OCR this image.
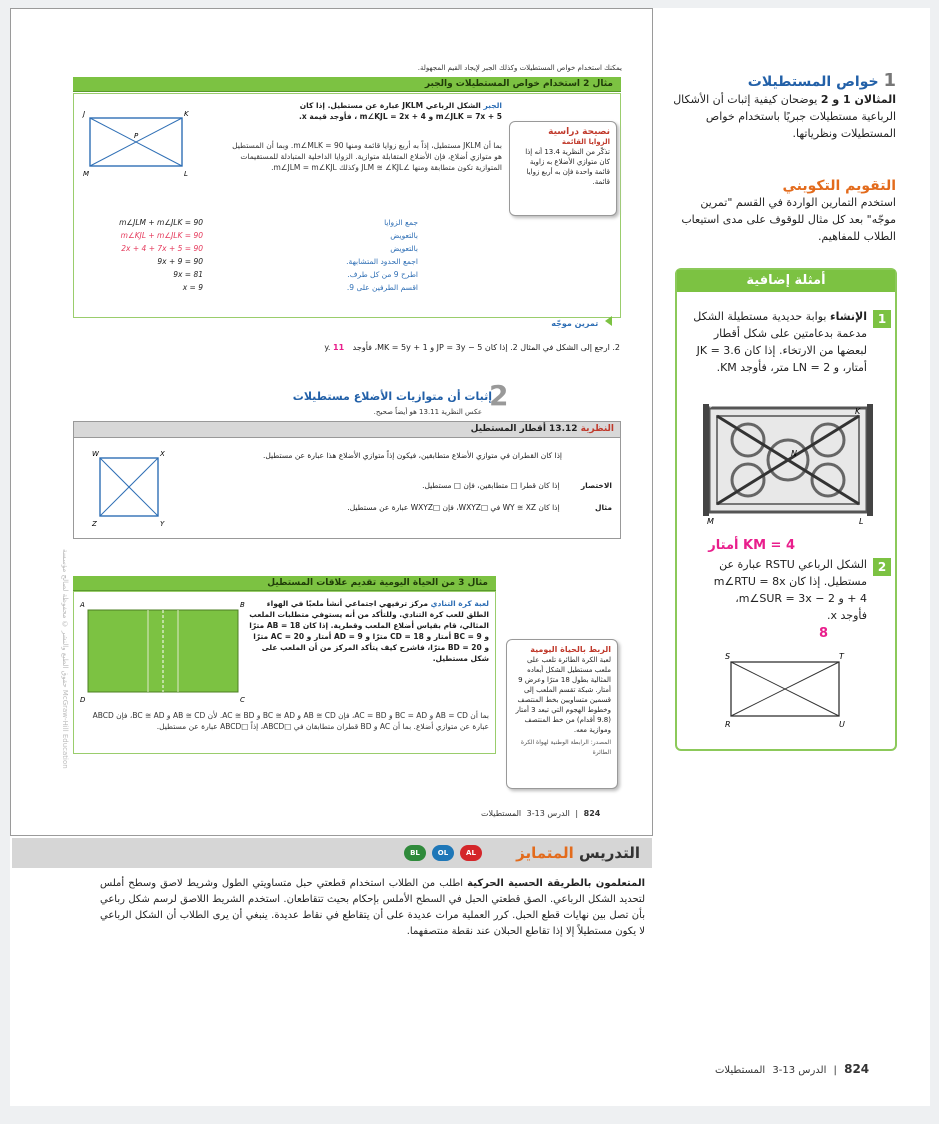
يمكنك استخدام خواص المستطيلات وكذلك الجبر لإيجاد القيم المجهولة.
مثال 2 استخدام خواص المستطيلات والجبر
J	K
M	L
P
الجبر الشكل الرباعي JKLM عبارة عن مستطيل. إذا كان m∠JLK = 7x + 5 و m∠KJL = 2x + 4 ، فأوجد قيمة x.
بما أن JKLM مستطيل، إذاً به أربع زوايا قائمة ومنها m∠MLK = 90. وبما أن المستطيل هو متوازي أضلاع، فإن الأضلاع المتقابلة متوازية. الزوايا الداخلية المتبادلة للمستقيمات المتوازية تكون متطابقة ومنها ∠JLM ≅ ∠KJL وكذلك m∠JLM = m∠KJL.
m∠JLM + m∠JLK = 90	جمع الزوايا
m∠KJL + m∠JLK = 90	بالتعويض
2x + 4 + 7x + 5 = 90	بالتعويض
9x + 9 = 90	اجمع الحدود المتشابهة.
9x = 81	اطرح 9 من كل طرف.
x = 9	اقسم الطرفين على 9.
تمرين موجّه
نصيحة دراسية
الزوايا القائمة
تذكّر من النظرية 13.4 أنه إذا كان متوازي الأضلاع به زاوية قائمة واحدة فإن به أربع زوايا قائمة.
2. ارجع إلى الشكل في المثال 2. إذا كان JP = 3y − 5 و MK = 5y + 1، فأوجد y. 11
2
إثبات أن متوازيات الأضلاع مستطيلات
عكس النظرية 13.11 هو أيضاً صحيح.
النظرية 13.12 أقطار المستطيل
W	X
Z	Y
إذا كان القطران في متوازي الأضلاع متطابقين، فيكون إذاً متوازي الأضلاع هذا عبارة عن مستطيل.
الاختصار إذا كان قطرا □ متطابقين، فإن □ مستطيل.
مثال إذا كان WY ≅ XZ في □WXYZ، فإن □WXYZ عبارة عن مستطيل.
مثال 3 من الحياة اليومية تقديم علاقات المستطيل
A	B
D	C
لعبة كرة التنادي مركز ترفيهي اجتماعي أنشأ ملعبًا في الهواء الطلق للعب كرة التنادي. وللتأكد من أنه يستوفي متطلبات الملعب المثالي، قام بقياس أضلاع الملعب وقطرية. إذا كان AB = 18 مترًا و BC = 9 أمتار و CD = 18 مترًا و AD = 9 أمتار و AC = 20 مترًا و BD = 20 مترًا، فاشرح كيف يتأكد المركز من أن الملعب على شكل مستطيل.
بما أن AB = CD و BC = AD و AC = BD، فإن AB ≅ CD و BC ≅ AD و AC ≅ BD. لأن AB ≅ CD و BC ≅ AD، فإن ABCD عبارة عن متوازي أضلاع. بما أن AC و BD قطران متطابقان في □ABCD، إذاً □ABCD عبارة عن مستطيل.
الربط بالحياة اليومية
لعبة الكرة الطائرة تلعب على ملعب مستطيل الشكل أبعاده المثالية بطول 18 مترًا وعرض 9 أمتار. شبكة تقسم الملعب إلى قسمين متساويين بخط المنتصف وخطوط الهجوم التي تبعد 3 أمتار (9.8 أقدام) من خط المنتصف وموازية معه.
المصدر: الرابطة الوطنية لهواة الكرة الطائرة
حقوق الطبع والنشر © محفوظة لصالح مؤسسة McGraw-Hill Education
824 | الدرس 13-3 المستطيلات
1 خواص المستطيلات
المثالان 1 و 2 يوضحان كيفية إثبات أن الأشكال الرباعية مستطيلات جبريًا باستخدام خواص المستطيلات ونظرياتها.
التقويم التكويني
استخدم التمارين الواردة في القسم "تمرين موجّه" بعد كل مثال للوقوف على مدى استيعاب الطلاب للمفاهيم.
أمثلة إضافية
1
الإنشاء بوابة حديدية مستطيلة الشكل مدعمة بدعامتين على شكل أقطار لبعضها من الارتخاء. إذا كان JK = 3.6 أمتار، و LN = 2 متر، فأوجد KM.
J
K
N
M	L
KM = 4 أمتار
2
الشكل الرباعي RSTU عبارة عن مستطيل. إذا كان m∠RTU = 8x + 4 و m∠SUR = 3x − 2، فأوجد x.
8
S	T
R	U
التدريس المتمايز
AL
OL
BL
المتعلمون بالطريقة الحسية الحركية اطلب من الطلاب استخدام قطعتي حبل متساويتي الطول وشريط لاصق وسطح أملس لتحديد الشكل الرباعي. الصق قطعتي الحبل في السطح الأملس بإحكام بحيث تتقاطعان. استخدم الشريط اللاصق لرسم شكل رباعي بأن تصل بين نهايات قطع الحبل. كرر العملية مرات عديدة على أن يتقاطع في نقاط عديدة. ينبغي أن يرى الطلاب أن الشكل الرباعي لا يكون مستطيلاً إلا إذا تقاطع الحبلان عند نقطة منتصفهما.
824 | الدرس 13-3 المستطيلات
